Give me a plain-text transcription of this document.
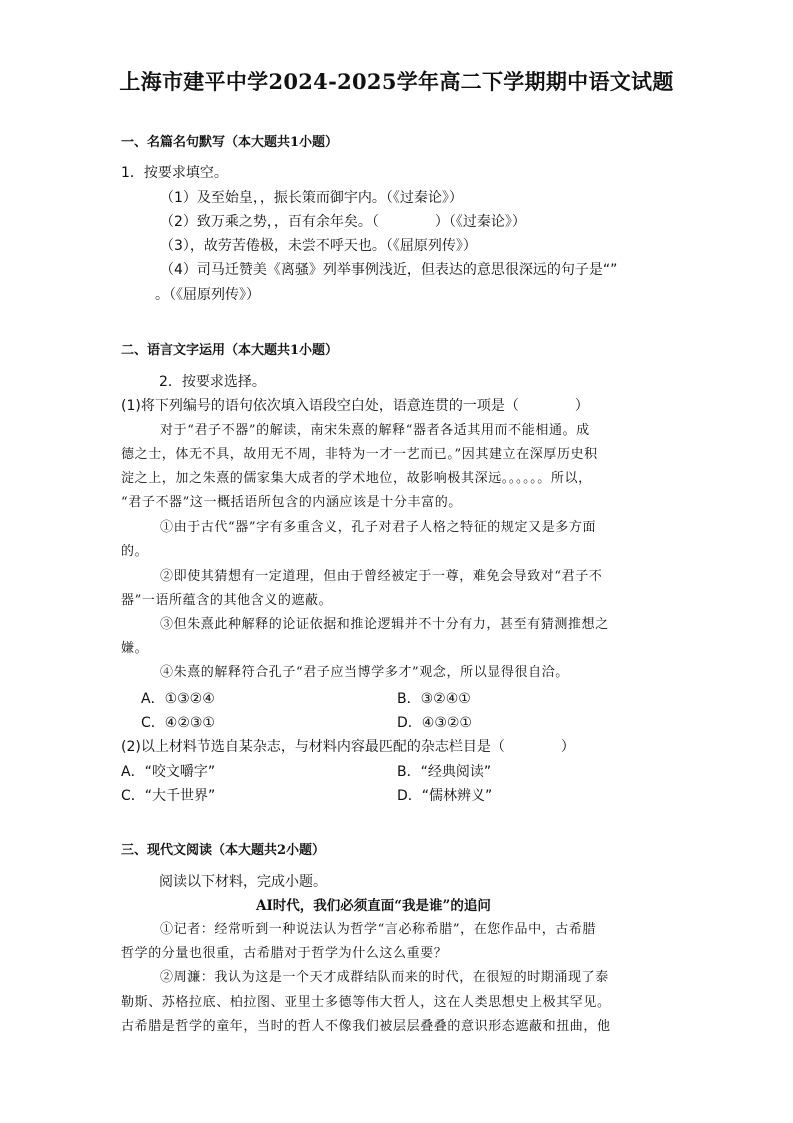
上海市建平中学2024-2025学年高二下学期期中语文试题
一、名篇名句默写（本大题共1小题）
1．按要求填空。
（1）及至始皇，，振长策而御宇内。（《过秦论》）
（2）致万乘之势，，百有余年矣。（　　　　）（《过秦论》）
（3），故劳苦倦极，未尝不呼天也。（《屈原列传》）
（4）司马迁赞美《离骚》列举事例浅近，但表达的意思很深远的句子是“”
。（《屈原列传》）
二、语言文字运用（本大题共1小题）
2．按要求选择。
(1)将下列编号的语句依次填入语段空白处，语意连贯的一项是（　　　　）
对于“君子不器”的解读，南宋朱熹的解释“器者各适其用而不能相通。成
德之士，体无不具，故用无不周，非特为一才一艺而已。”因其建立在深厚历史积
淀之上，加之朱熹的儒家集大成者的学术地位，故影响极其深远。。。。。。所以，
“君子不器”这一概括语所包含的内涵应该是十分丰富的。
①由于古代“器”字有多重含义，孔子对君子人格之特征的规定又是多方面
的。
②即使其猜想有一定道理，但由于曾经被定于一尊，难免会导致对“君子不
器”一语所蕴含的其他含义的遮蔽。
③但朱熹此种解释的论证依据和推论逻辑并不十分有力，甚至有猜测推想之
嫌。
④朱熹的解释符合孔子“君子应当博学多才”观念，所以显得很自洽。
A．①③②④	B．③②④①
C．④②③①	D．④③②①
(2)以上材料节选自某杂志，与材料内容最匹配的杂志栏目是（　　　　）
A．“咬文嚼字”	B．“经典阅读”
C．“大千世界”	D．“儒林辨义”
三、现代文阅读（本大题共2小题）
阅读以下材料，完成小题。
AI时代，我们必须直面“我是谁”的追问
①记者：经常听到一种说法认为哲学“言必称希腊”，在您作品中，古希腊
哲学的分量也很重，古希腊对于哲学为什么这么重要？
②周濂：我认为这是一个天才成群结队而来的时代，在很短的时期涌现了泰
勒斯、苏格拉底、柏拉图、亚里士多德等伟大哲人，这在人类思想史上极其罕见。
古希腊是哲学的童年，当时的哲人不像我们被层层叠叠的意识形态遮蔽和扭曲，他
